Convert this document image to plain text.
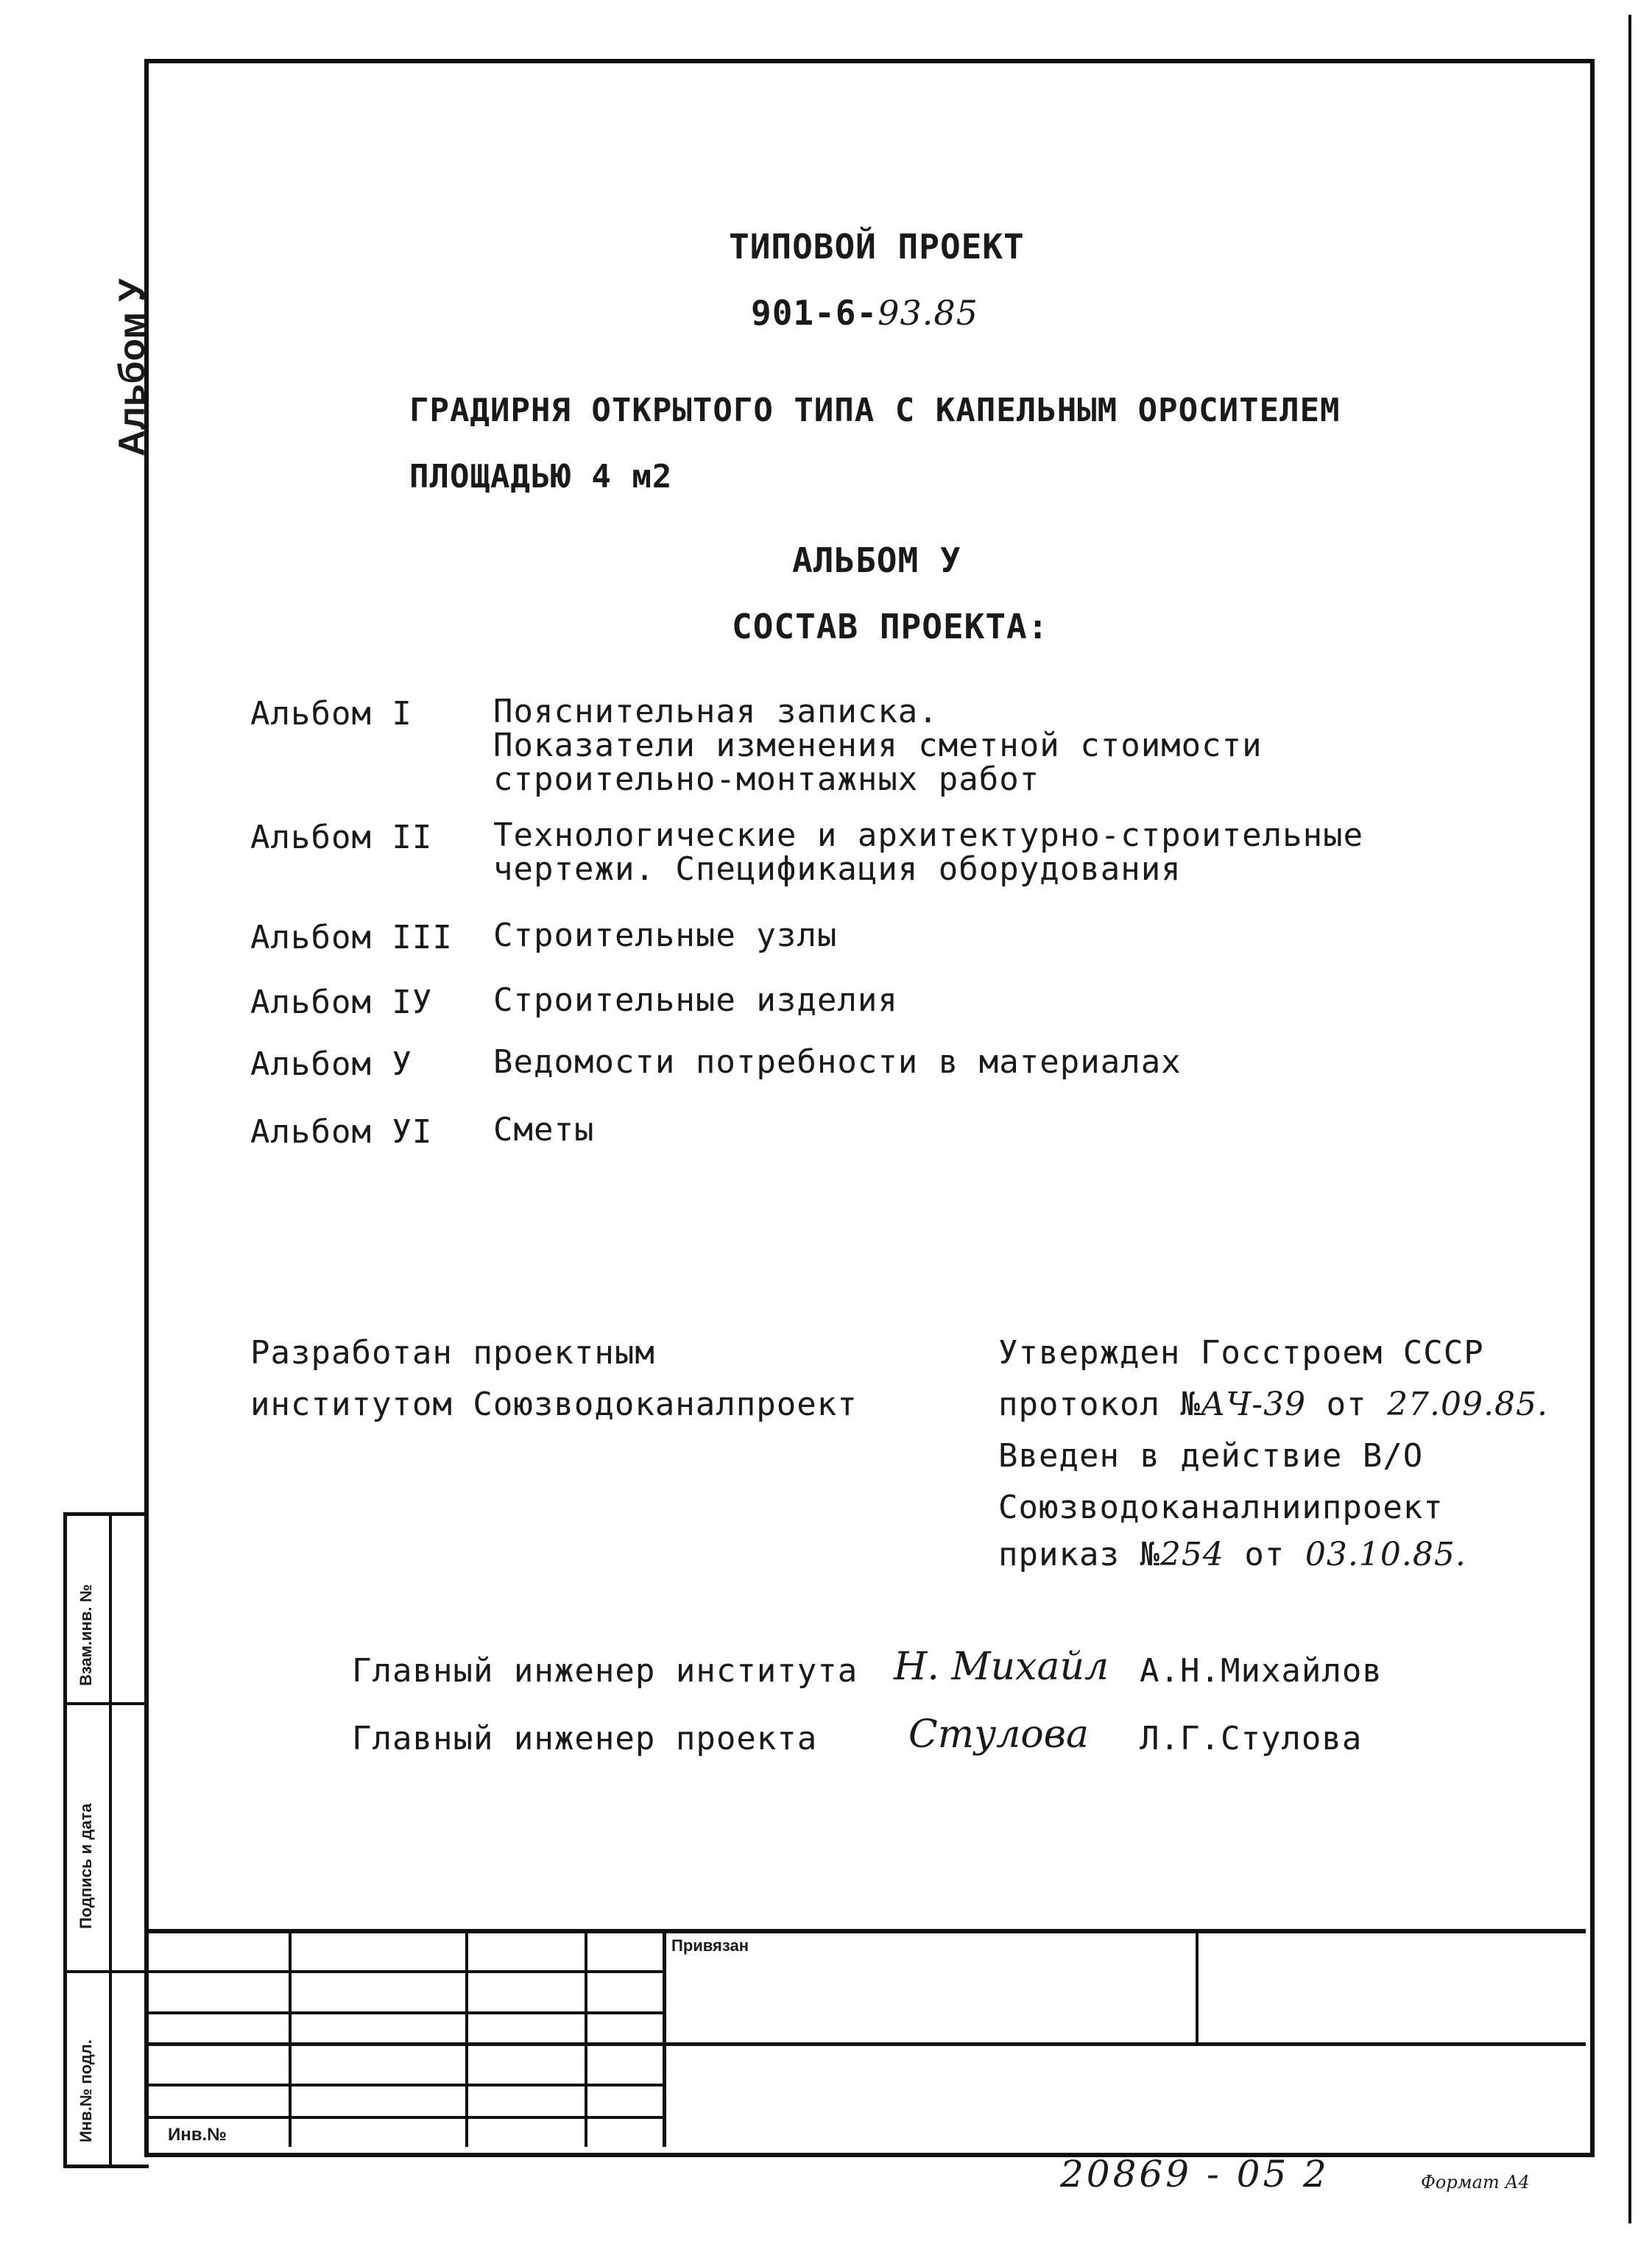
Альбом У
Взам.инв. №
Подпись и дата
Инв.№ подл.
ТИПОВОЙ ПРОЕКТ
901-6-93.85
ГРАДИРНЯ ОТКРЫТОГО ТИПА С КАПЕЛЬНЫМ ОРОСИТЕЛЕМ
ПЛОЩАДЬЮ 4 м2
АЛЬБОМ У
СОСТАВ ПРОЕКТА:
Альбом I	Пояснительная записка.
Показатели изменения сметной стоимости
строительно-монтажных работ
Альбом II Технологические и архитектурно-строительные
чертежи. Спецификация оборудования
Альбом III Строительные узлы
Альбом IУ Строительные изделия
Альбом У	Ведомости потребности в материалах
Альбом УI Сметы
Разработан проектным
институтом Союзводоканалпроект
Утвержден Госстроем СССР
протокол №АЧ-39 от 27.09.85.
Введен в действие В/О
Союзводоканалниипроект
приказ №254 от 03.10.85.
Главный инженер института Н. Михайл А.Н.Михайлов
Главный инженер проекта Стулова Л.Г.Стулова
Привязан
Инв.№
20869 - 05 2	Формат А4
